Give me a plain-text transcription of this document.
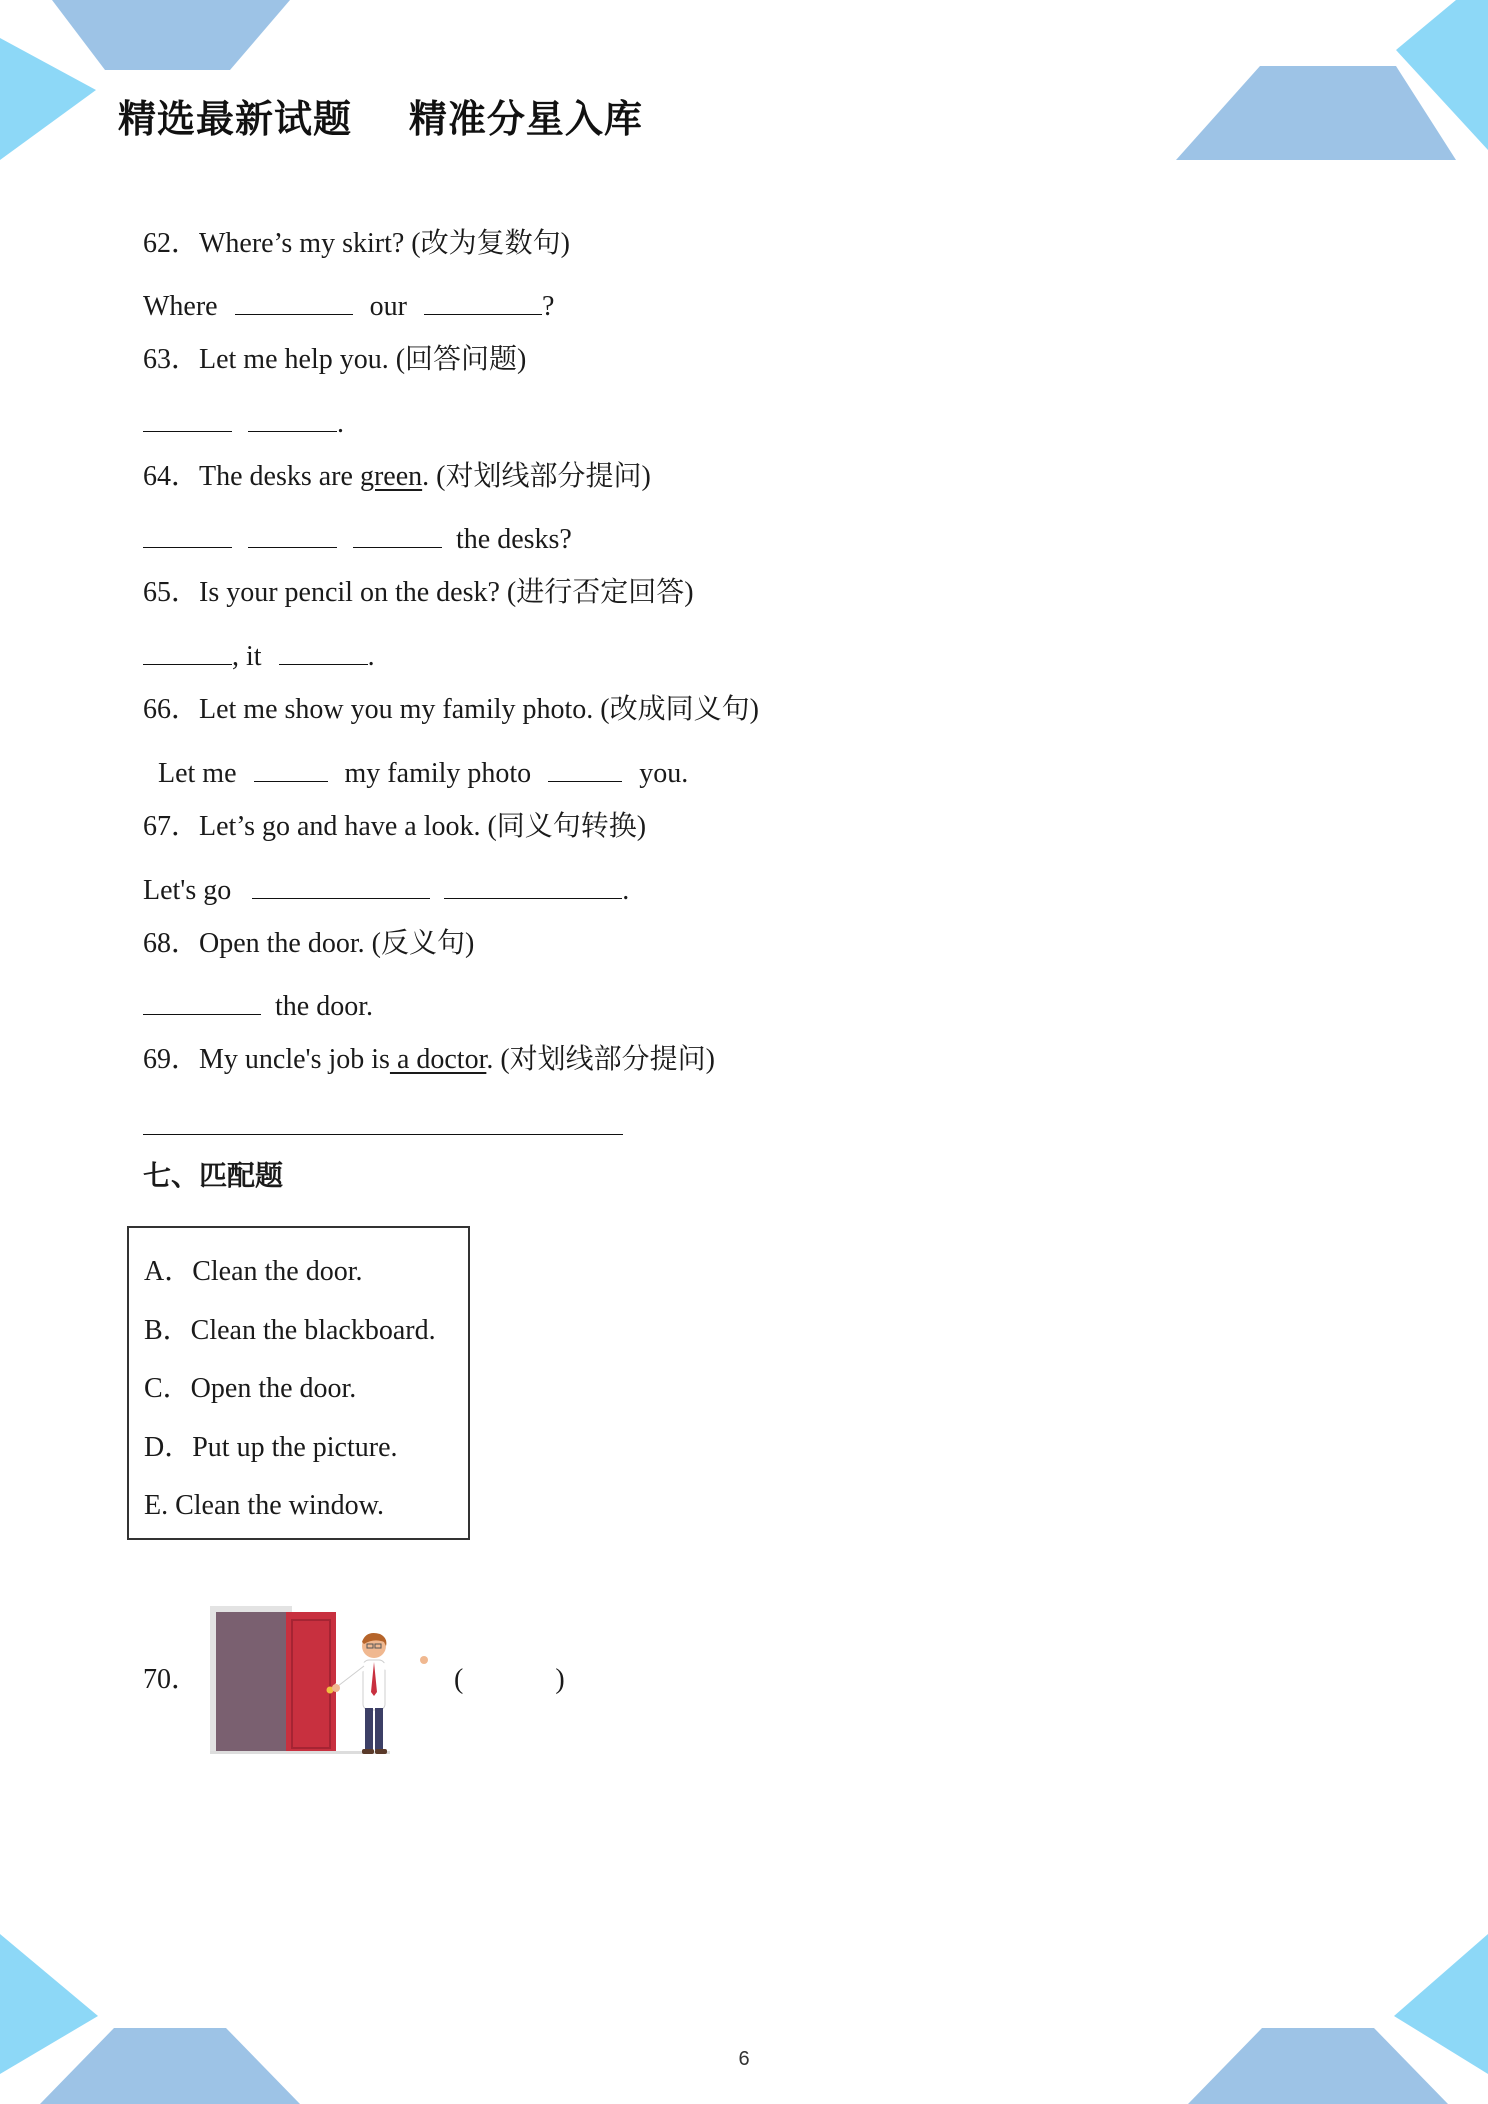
精选最新试题    精准分星入库
62．Where’s my skirt? (改为复数句)
Where	our	?
63．Let me help you. (回答问题)
.
64．The desks are green. (对划线部分提问)
the desks?
65．Is your pencil on the desk? (进行否定回答)
, it	.
66．Let me show you my family photo. (改成同义句)
Let me	my family photo	you.
67．Let’s go and have a look. (同义句转换)
Let's go	.
68．Open the door. (反义句)
the door.
69．My uncle's job is a doctor. (对划线部分提问)
七、匹配题
A．Clean the door.
B．Clean the blackboard.
C．Open the door.
D．Put up the picture.
E. Clean the window.
70．	(	)
6
